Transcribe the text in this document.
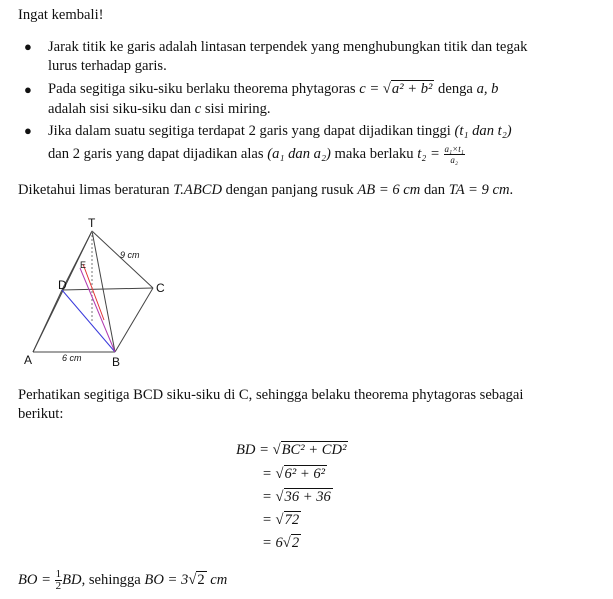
Ingat kembali!
● Jarak titik ke garis adalah lintasan terpendek yang menghubungkan titik dan tegak
lurus terhadap garis.
● Pada segitiga siku-siku berlaku theorema phytagoras c = √a² + b² denga a, b
adalah sisi siku-siku dan c sisi miring.
● Jika dalam suatu segitiga terdapat 2 garis yang dapat dijadikan tinggi (t₁ dan t₂)
dan 2 garis yang dapat dijadikan alas (a₁ dan a₂) maka berlaku $t_2 = \frac{\text{a₁×t₁}}{\text{a₂}}$
Diketahui limas beraturan T.ABCD dengan panjang rusuk AB = 6 cm dan TA = 9 cm.
T
A	B
C
D
E
9 cm
6 cm
Perhatikan segitiga BCD siku-siku di C, sehingga belaku theorema phytagoras sebagai
berikut:
BD = √BC² + CD²
= √6² + 6²
= √36 + 36
= √72
= 6√2
BO = $\frac{1}{2}$ BD, sehingga BO = 3√2 cm
